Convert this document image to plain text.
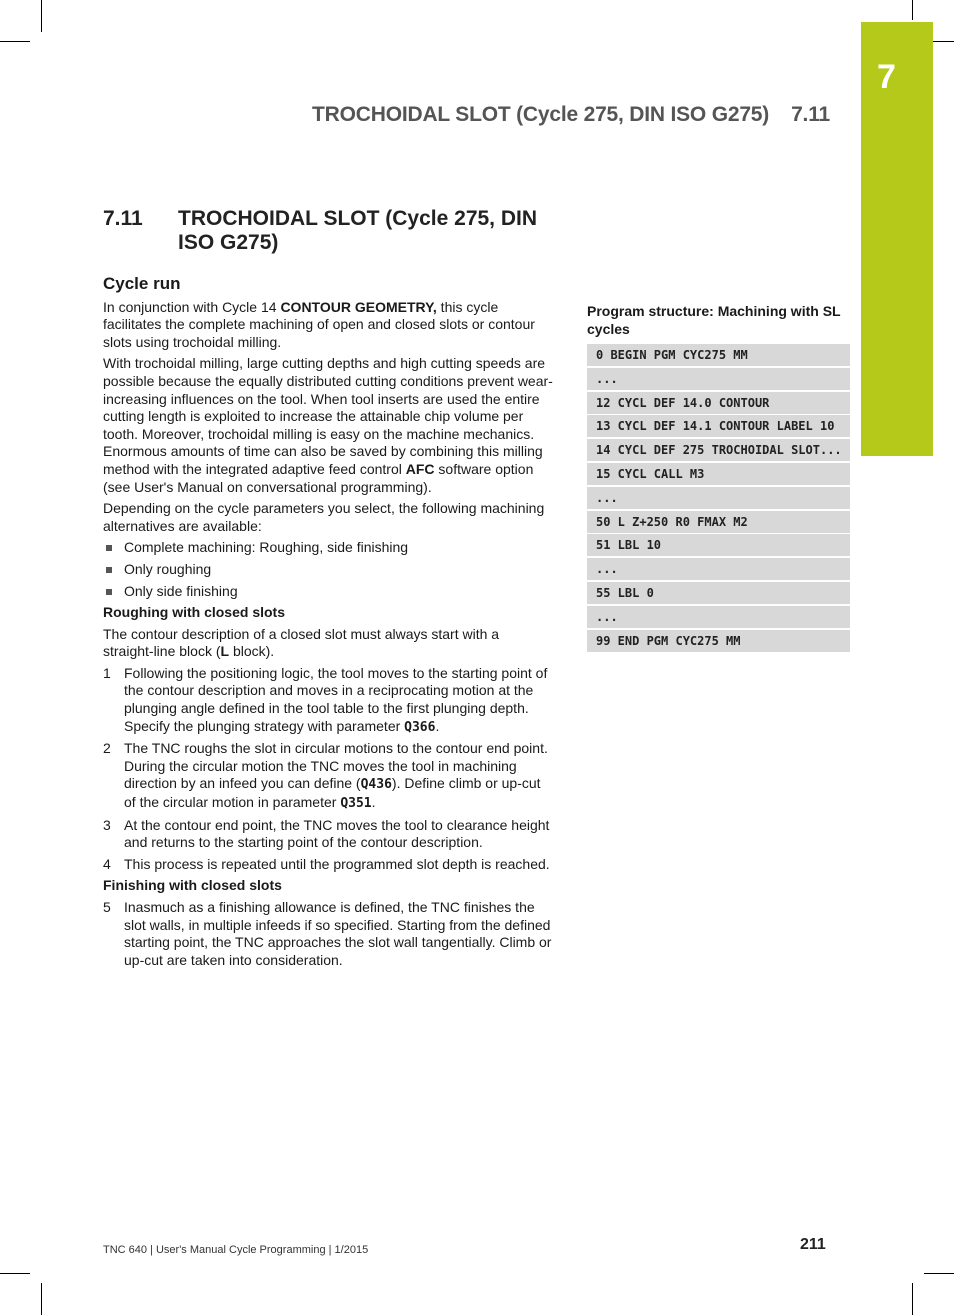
7
TROCHOIDAL SLOT (Cycle 275, DIN ISO G275) 7.11
7.11 TROCHOIDAL SLOT (Cycle 275, DIN ISO G275)
Cycle run

In conjunction with Cycle 14 CONTOUR GEOMETRY, this cycle facilitates the complete machining of open and closed slots or contour slots using trochoidal milling.

With trochoidal milling, large cutting depths and high cutting speeds are possible because the equally distributed cutting conditions prevent wear-increasing influences on the tool. When tool inserts are used the entire cutting length is exploited to increase the attainable chip volume per tooth. Moreover, trochoidal milling is easy on the machine mechanics. Enormous amounts of time can also be saved by combining this milling method with the integrated adaptive feed control AFC software option (see User's Manual on conversational programming).

Depending on the cycle parameters you select, the following machining alternatives are available:

Complete machining: Roughing, side finishing
Only roughing
Only side finishing
Roughing with closed slots

The contour description of a closed slot must always start with a straight-line block (L block).

1 Following the positioning logic, the tool moves to the starting point of the contour description and moves in a reciprocating motion at the plunging angle defined in the tool table to the first plunging depth. Specify the plunging strategy with parameter Q366.
2 The TNC roughs the slot in circular motions to the contour end point. During the circular motion the TNC moves the tool in machining direction by an infeed you can define (Q436). Define climb or up-cut of the circular motion in parameter Q351.
3 At the contour end point, the TNC moves the tool to clearance height and returns to the starting point of the contour description.
4 This process is repeated until the programmed slot depth is reached.
Finishing with closed slots
5 Inasmuch as a finishing allowance is defined, the TNC finishes the slot walls, in multiple infeeds if so specified. Starting from the defined starting point, the TNC approaches the slot wall tangentially. Climb or up-cut are taken into consideration.
Program structure: Machining with SL cycles
0 BEGIN PGM CYC275 MM
...
12 CYCL DEF 14.0 CONTOUR
13 CYCL DEF 14.1 CONTOUR LABEL 10
14 CYCL DEF 275 TROCHOIDAL SLOT...
15 CYCL CALL M3
...
50 L Z+250 R0 FMAX M2
51 LBL 10
...
55 LBL 0
...
99 END PGM CYC275 MM
TNC 640 | User's Manual Cycle Programming | 1/2015	211
